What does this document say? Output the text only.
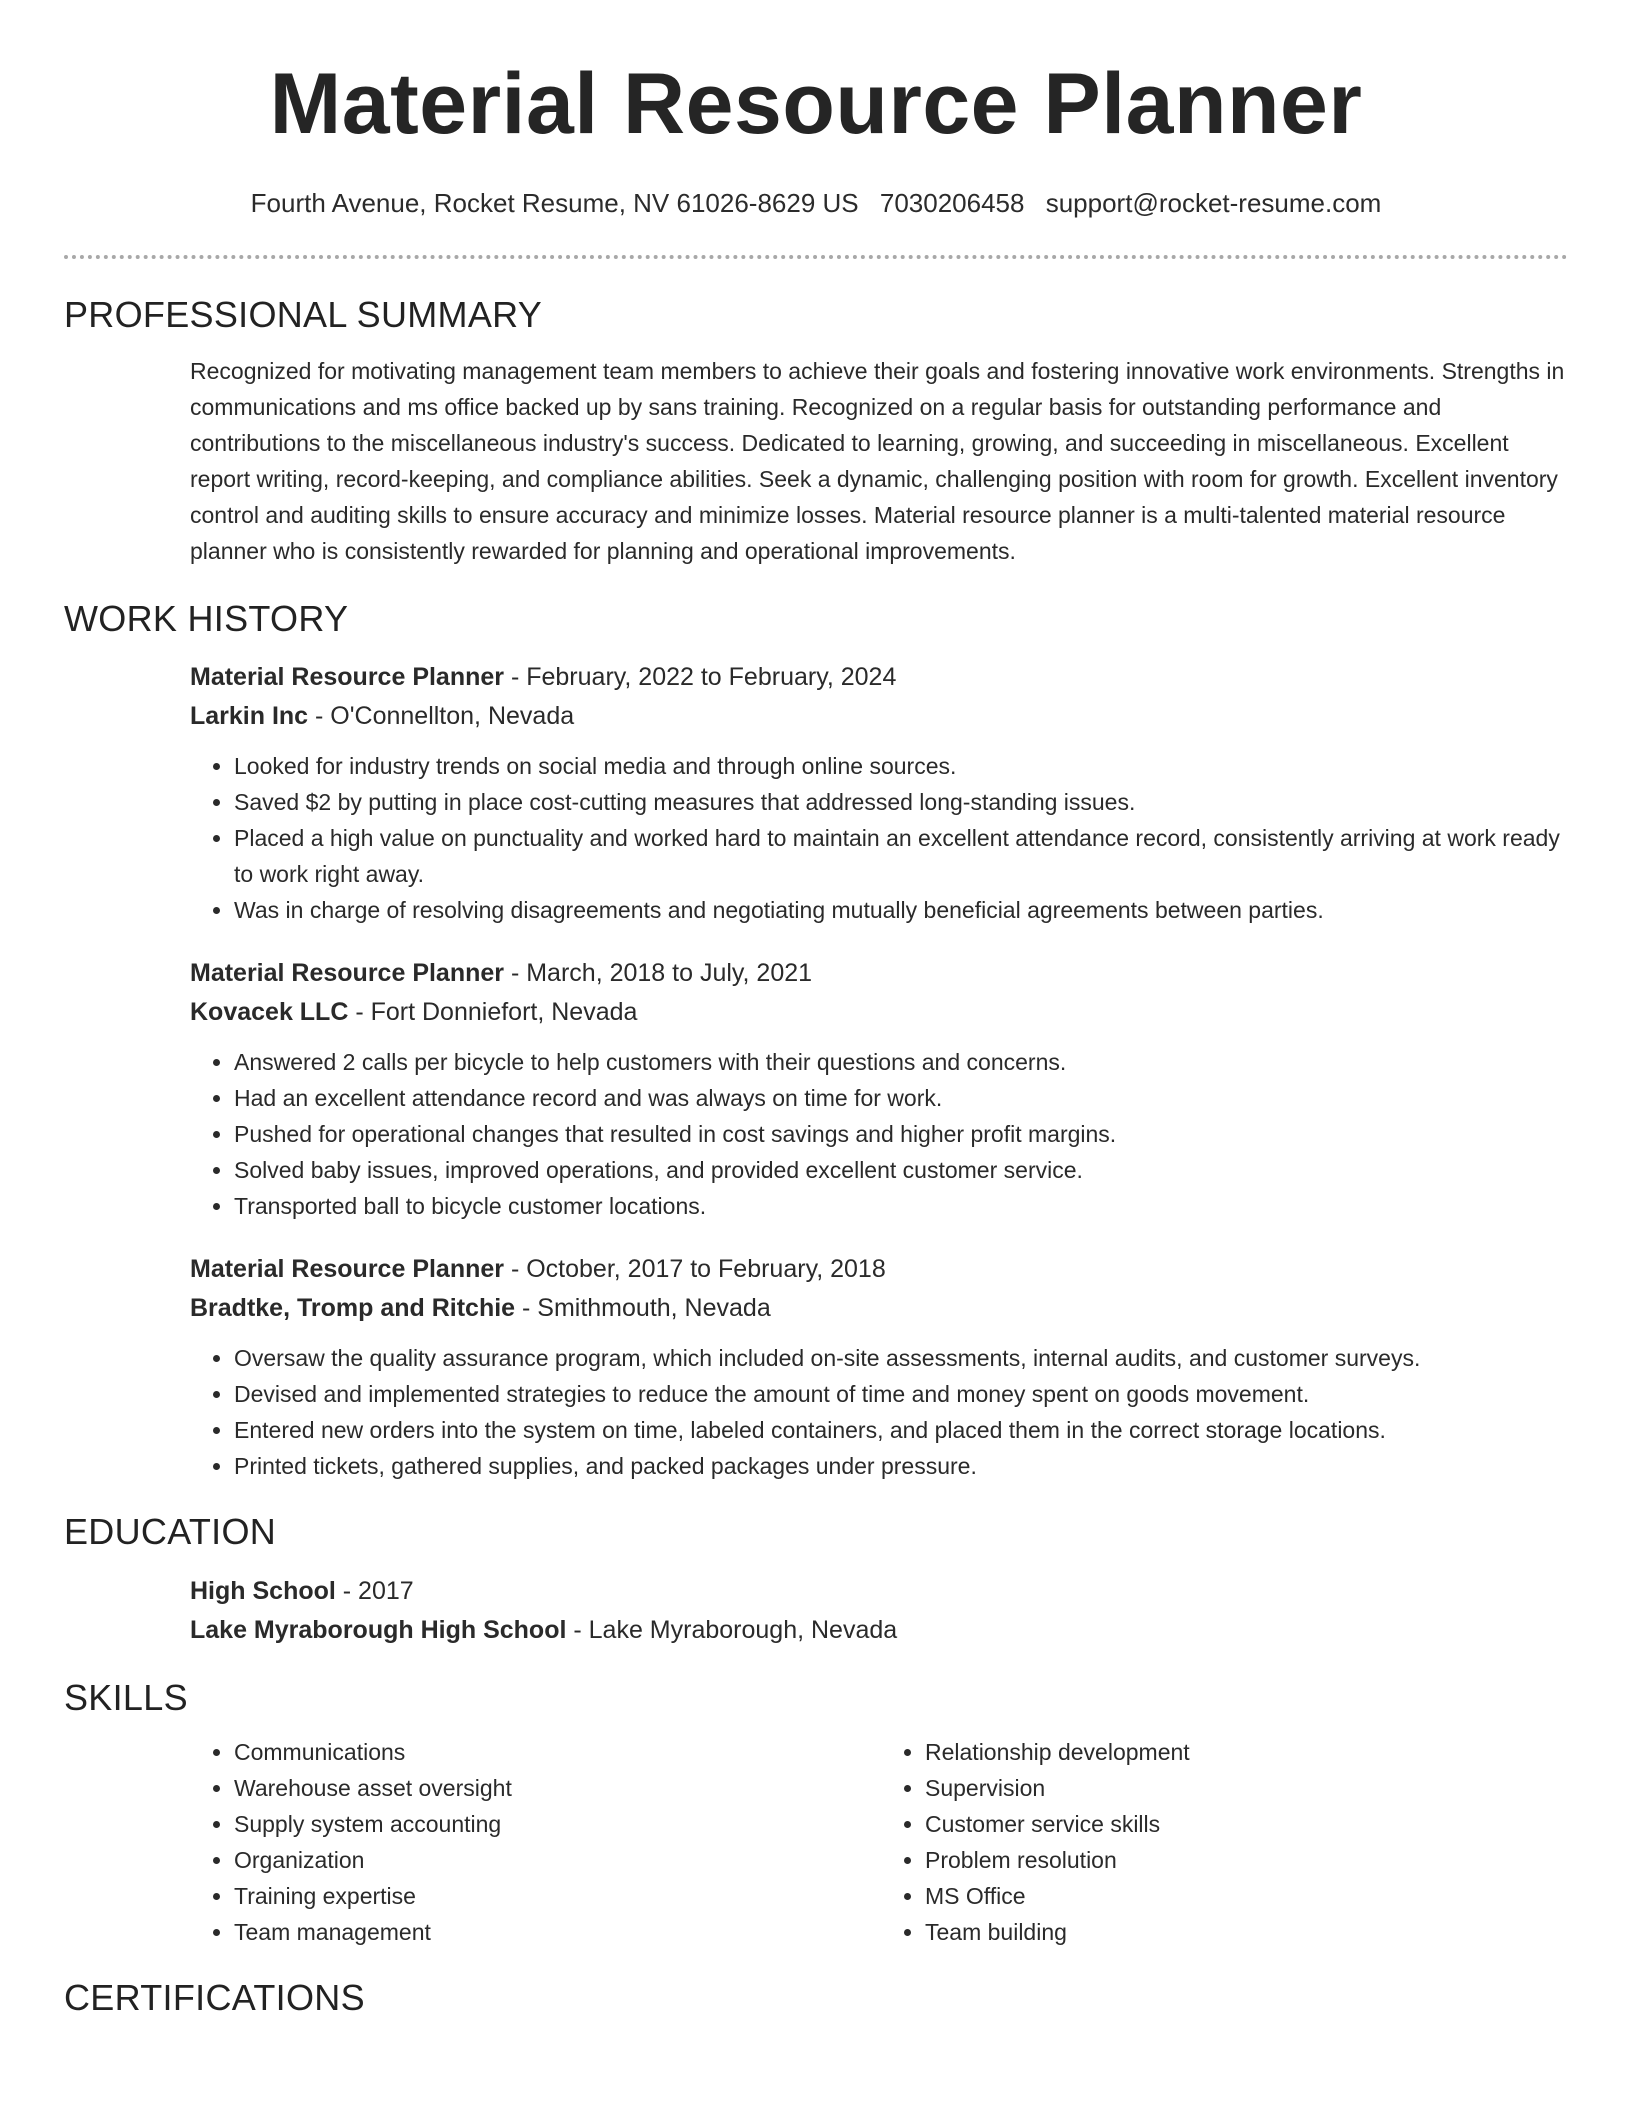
Material Resource Planner
Fourth Avenue, Rocket Resume, NV 61026-8629 US 7030206458 support@rocket-resume.com
PROFESSIONAL SUMMARY

Recognized for motivating management team members to achieve their goals and fostering innovative work environments. Strengths in communications and ms office backed up by sans training. Recognized on a regular basis for outstanding performance and contributions to the miscellaneous industry's success. Dedicated to learning, growing, and succeeding in miscellaneous. Excellent report writing, record-keeping, and compliance abilities. Seek a dynamic, challenging position with room for growth. Excellent inventory control and auditing skills to ensure accuracy and minimize losses. Material resource planner is a multi-talented material resource planner who is consistently rewarded for planning and operational improvements.

WORK HISTORY
Material Resource Planner - February, 2022 to February, 2024
Larkin Inc - O'Connellton, Nevada
• Looked for industry trends on social media and through online sources.
• Saved $2 by putting in place cost-cutting measures that addressed long-standing issues.
• Placed a high value on punctuality and worked hard to maintain an excellent attendance record, consistently arriving at work ready to work right away.
• Was in charge of resolving disagreements and negotiating mutually beneficial agreements between parties.
Material Resource Planner - March, 2018 to July, 2021
Kovacek LLC - Fort Donniefort, Nevada
• Answered 2 calls per bicycle to help customers with their questions and concerns.
• Had an excellent attendance record and was always on time for work.
• Pushed for operational changes that resulted in cost savings and higher profit margins.
• Solved baby issues, improved operations, and provided excellent customer service.
• Transported ball to bicycle customer locations.
Material Resource Planner - October, 2017 to February, 2018
Bradtke, Tromp and Ritchie - Smithmouth, Nevada
• Oversaw the quality assurance program, which included on-site assessments, internal audits, and customer surveys.
• Devised and implemented strategies to reduce the amount of time and money spent on goods movement.
• Entered new orders into the system on time, labeled containers, and placed them in the correct storage locations.
• Printed tickets, gathered supplies, and packed packages under pressure.
EDUCATION
High School - 2017
Lake Myraborough High School - Lake Myraborough, Nevada
SKILLS
• Communications
• Warehouse asset oversight
• Supply system accounting
• Organization
• Training expertise
• Team management
• Relationship development
• Supervision
• Customer service skills
• Problem resolution
• MS Office
• Team building
CERTIFICATIONS
